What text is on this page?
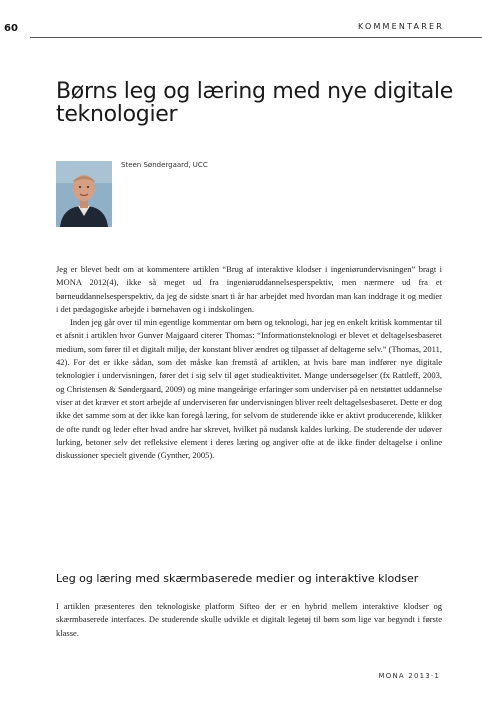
60	KOMMENTARER
Børns leg og læring med nye digitale teknologier
Steen Søndergaard, UCC

Jeg er blevet bedt om at kommentere artiklen “Brug af interaktive klodser i ingeniørundervisningen” bragt i MONA 2012(4), ikke så meget ud fra ingeniøruddannelsesperspektiv, men nærmere ud fra et børneuddannelsesperspektiv, da jeg de sidste snart ti år har arbejdet med hvordan man kan inddrage it og medier i det pædagogiske arbejde i børnehaven og i indskolingen.

Inden jeg går over til min egentlige kommentar om børn og teknologi, har jeg en enkelt kritisk kommentar til et afsnit i artiklen hvor Gunver Majgaard citerer Thomas: “Informationsteknologi er blevet et deltagelsesbaseret medium, som fører til et digitalt miljø, der konstant bliver ændret og tilpasset af deltagerne selv.” (Thomas, 2011, 42). For det er ikke sådan, som det måske kan fremstå af artiklen, at hvis bare man indfører nye digitale teknologier i undervisningen, fører det i sig selv til øget studieaktivitet. Mange undersøgelser (fx Rattleff, 2003, og Christensen & Søndergaard, 2009) og mine mangeårige erfaringer som underviser på en netstøttet uddannelse viser at det kræver et stort arbejde af underviseren før undervisningen bliver reelt deltagelsesbaseret. Dette er dog ikke det samme som at der ikke kan foregå læring, for selvom de studerende ikke er aktivt producerende, klikker de ofte rundt og leder efter hvad andre har skrevet, hvilket på nudansk kaldes lurking. De studerende der udøver lurking, betoner selv det refleksive element i deres læring og angiver ofte at de ikke finder deltagelse i online diskussioner specielt givende (Gynther, 2005).

Leg og læring med skærmbaserede medier og interaktive klodser

I artiklen præsenteres den teknologiske platform Sifteo der er en hybrid mellem interaktive klodser og skærmbaserede interfaces. De studerende skulle udvikle et digitalt legetøj til børn som lige var begyndt i første klasse.

MONA 2013·1
